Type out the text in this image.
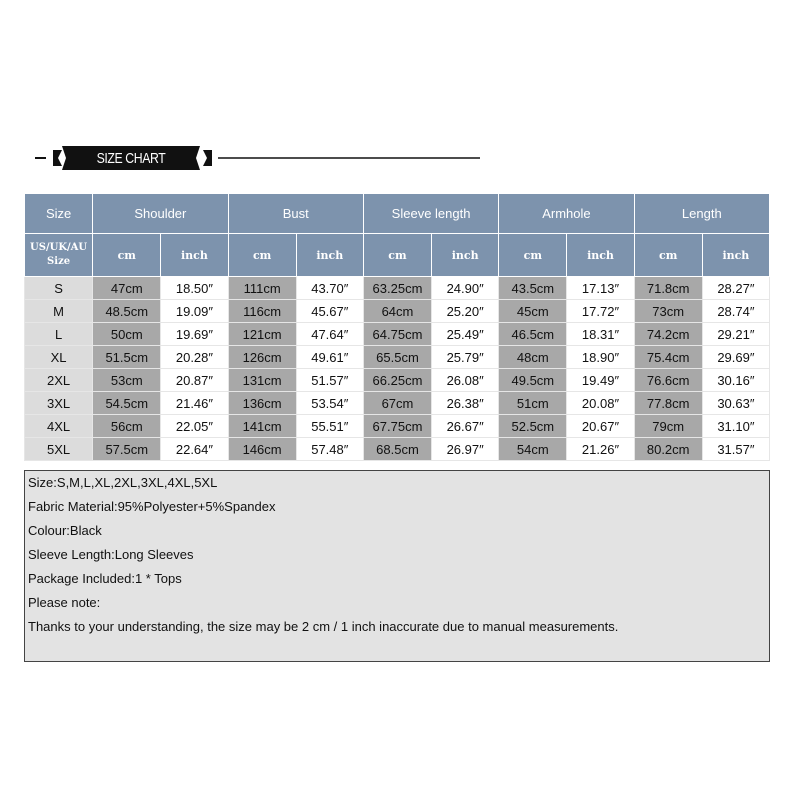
SIZE CHART
Size	Shoulder		Bust		Sleeve length		Armhole		Length	
US/UK/AU
Size	cm	inch	cm	inch	cm	inch	cm	inch	cm	inch
S	47cm	18.50″	111cm	43.70″	63.25cm	24.90″	43.5cm	17.13″	71.8cm	28.27″
M	48.5cm	19.09″	116cm	45.67″	64cm	25.20″	45cm	17.72″	73cm	28.74″
L	50cm	19.69″	121cm	47.64″	64.75cm	25.49″	46.5cm	18.31″	74.2cm	29.21″
XL	51.5cm	20.28″	126cm	49.61″	65.5cm	25.79″	48cm	18.90″	75.4cm	29.69″
2XL	53cm	20.87″	131cm	51.57″	66.25cm	26.08″	49.5cm	19.49″	76.6cm	30.16″
3XL	54.5cm	21.46″	136cm	53.54″	67cm	26.38″	51cm	20.08″	77.8cm	30.63″
4XL	56cm	22.05″	141cm	55.51″	67.75cm	26.67″	52.5cm	20.67″	79cm	31.10″
5XL	57.5cm	22.64″	146cm	57.48″	68.5cm	26.97″	54cm	21.26″	80.2cm	31.57″
Size:S,M,L,XL,2XL,3XL,4XL,5XL
Fabric Material:95%Polyester+5%Spandex
Colour:Black
Sleeve Length:Long Sleeves
Package Included:1 * Tops
Please note:
Thanks to your understanding, the size may be 2 cm / 1 inch inaccurate due to manual measurements.
